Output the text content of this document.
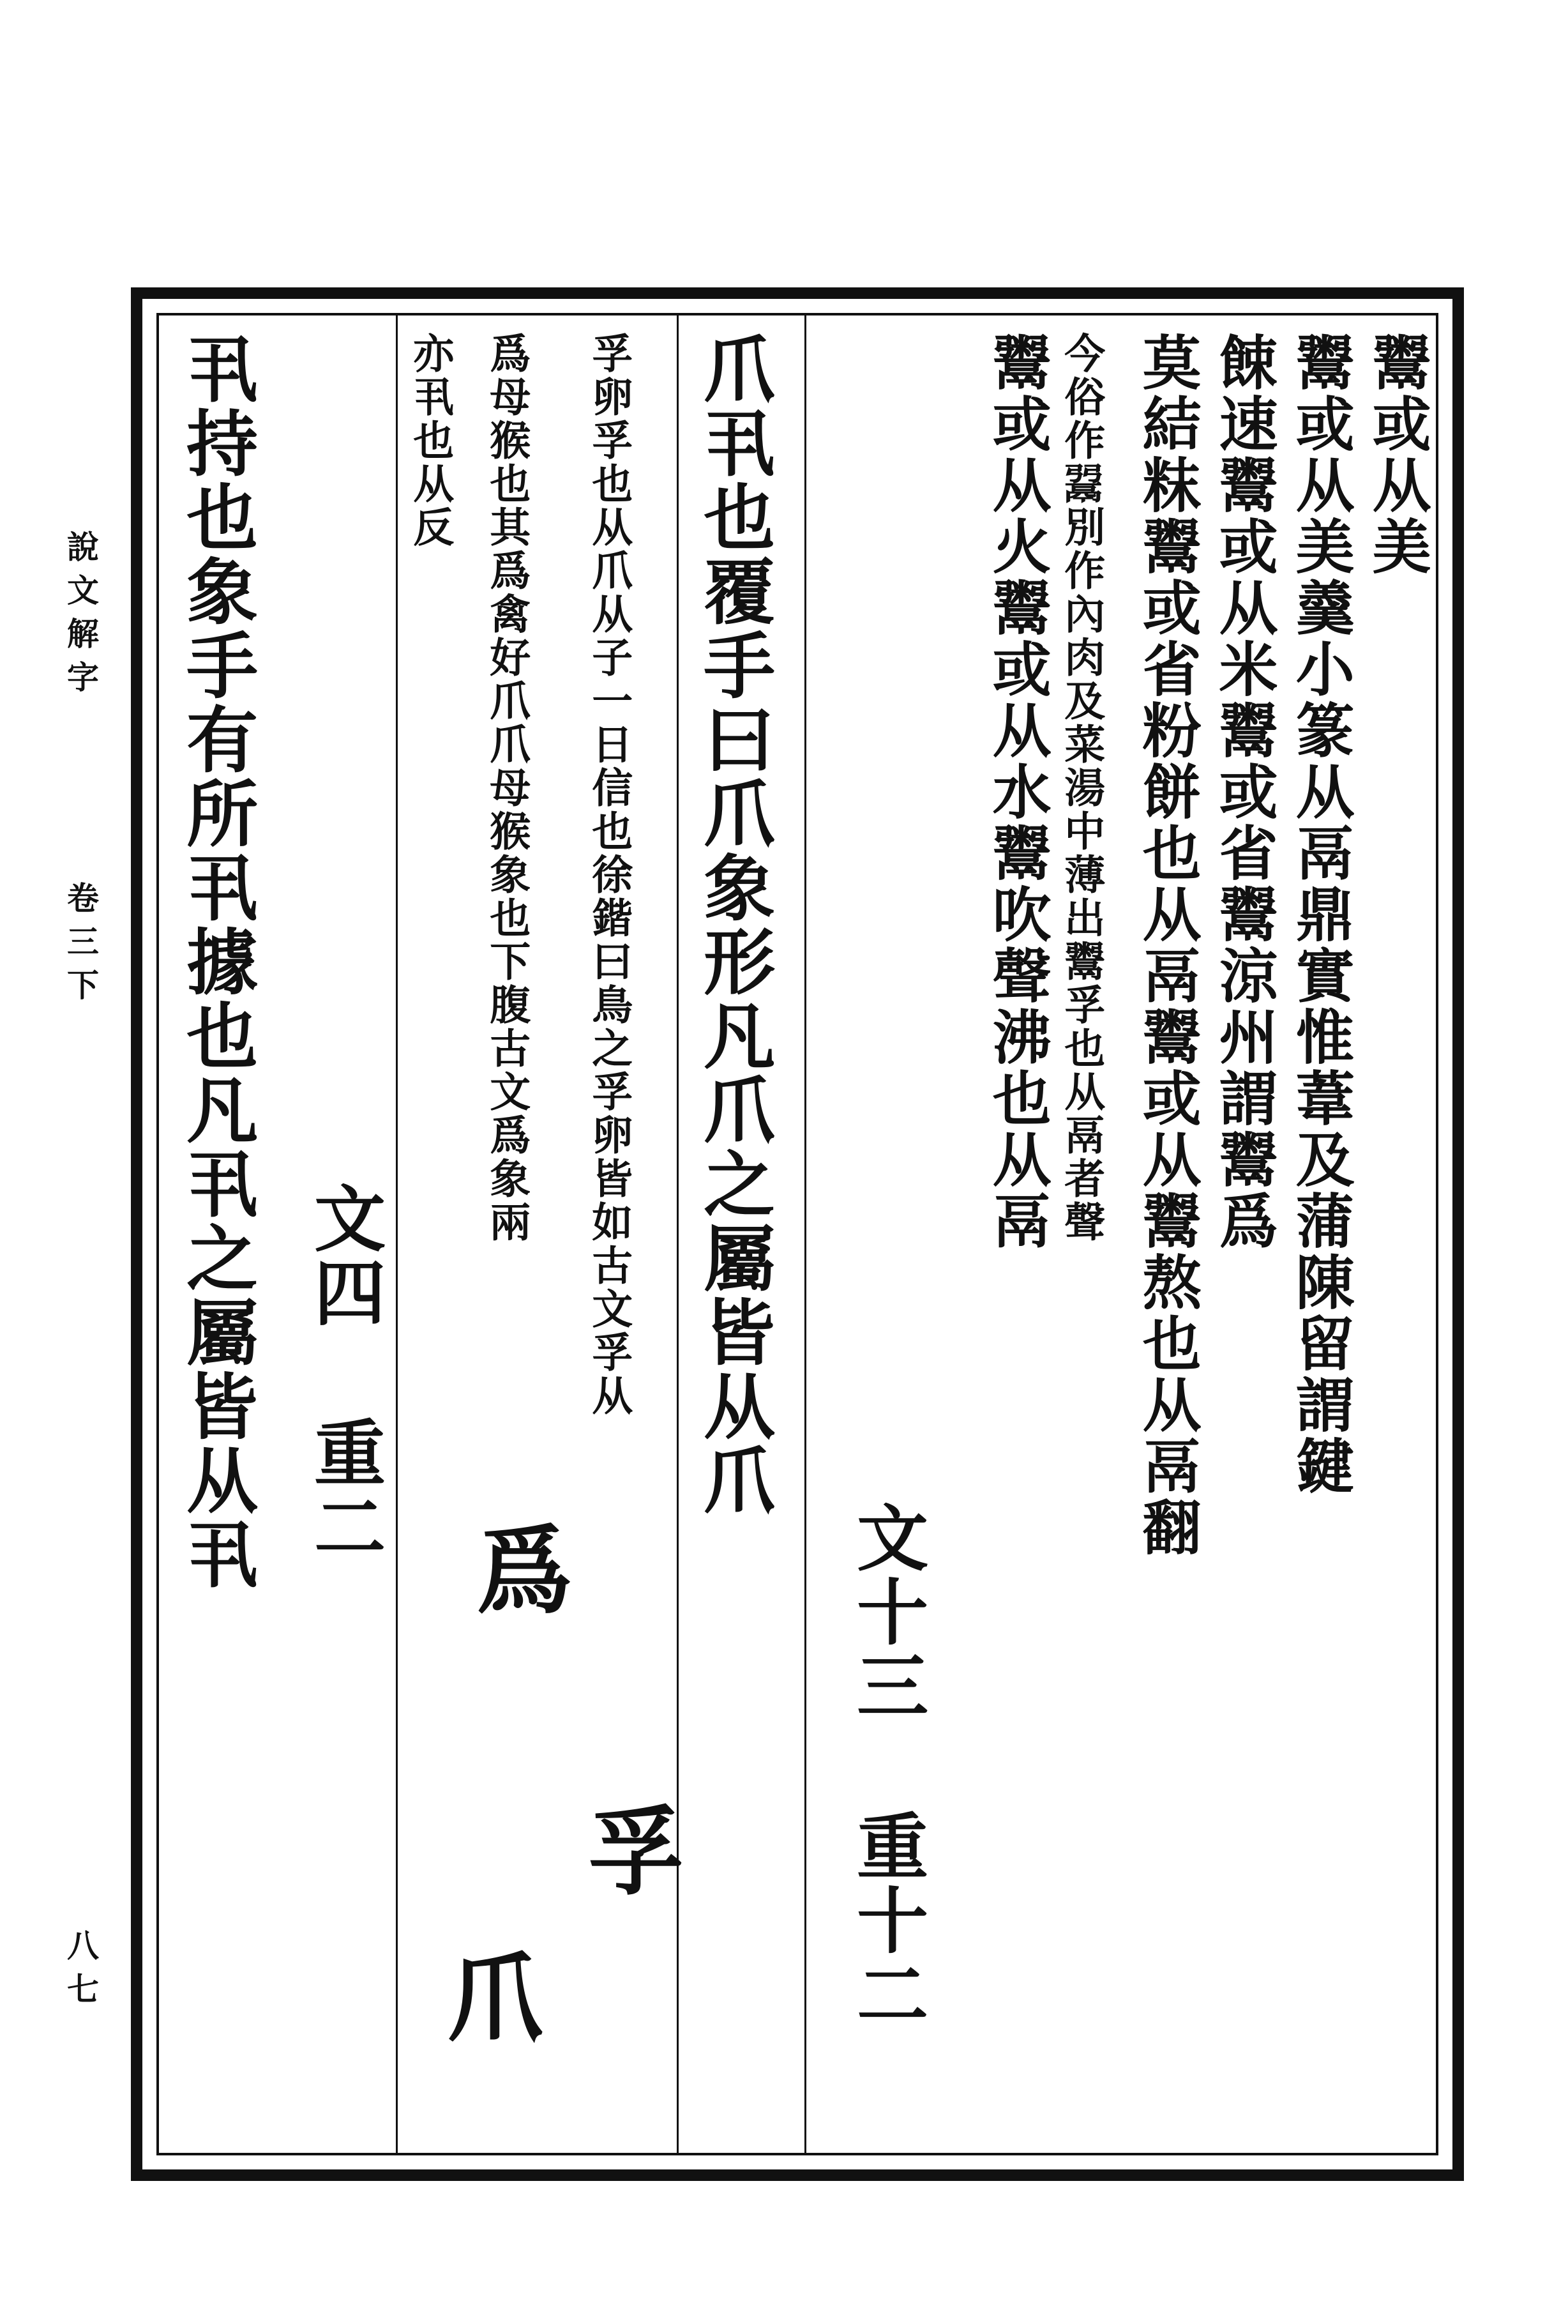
說文解字
卷三下
八七
鬻或从美
鬻或从美羹小篆从鬲鼎實惟葦及蒲陳留謂鍵
餗速鬻或从米鬻或省鬻涼州謂鬻爲
莫結粖鬻或省粉餅也从鬲鬻或从鬻熬也从鬲翻
今俗作𩰲別作內肉及菜湯中薄出鬻孚也从鬲者聲
鬻或从火鬻或从水鬻吹聲沸也从鬲
文十三 重十二
爪丮也覆手曰爪象形凡爪之屬皆从爪
孚卵孚也从爪从子一日信也徐鍇曰鳥之孚卵皆如古文孚从
爲母猴也其爲禽好爪爪母猴象也下腹古文爲象兩
亦丮也从反
文四 重二
丮持也象手有所丮據也凡丮之屬皆从丮
爪
孚
爲
